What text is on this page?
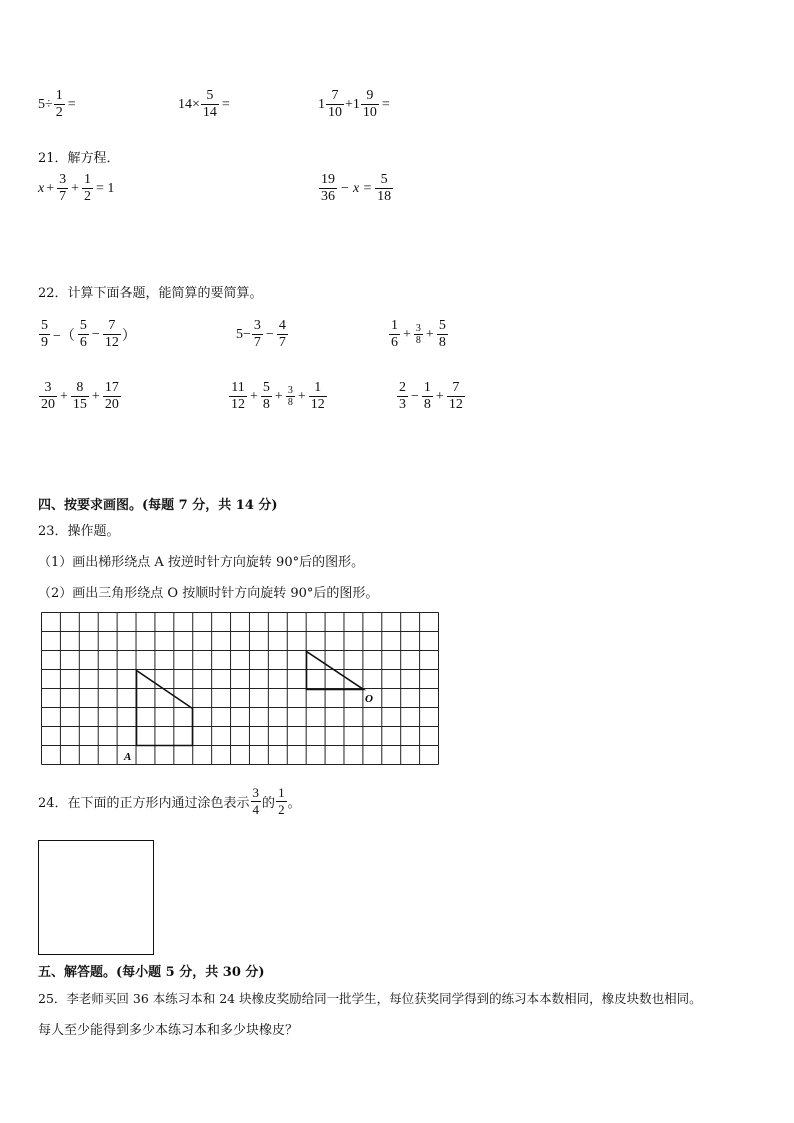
$5\div \frac{1}{2}$ =	$14\times \frac{5}{14}$ =	$1 \frac{7}{10} +1 \frac{9}{10}$ =
21．解方程．
$x + \frac{3}{7} + \frac{1}{2} = 1$	$\frac{19}{36} - x = \frac{5}{18}$
22．计算下面各题，能简算的要简算。
$\frac{5}{9}$ −（ $\frac{5}{6} - \frac{7}{12}$ ）	$5- \frac{3}{7} - \frac{4}{7}$	$\frac{1}{6} + \frac{3}{8} + \frac{5}{8}$
$\frac{3}{20} + \frac{8}{15} + \frac{17}{20}$	$\frac{11}{12} + \frac{5}{8} + \frac{3}{8} + \frac{1}{12}$	$\frac{2}{3} - \frac{1}{8} + \frac{7}{12}$
四、按要求画图。(每题 7 分，共 14 分)
23．操作题。
（1）画出梯形绕点 A 按逆时针方向旋转 90°后的图形。
（2）画出三角形绕点 O 按顺时针方向旋转 90°后的图形。
A
O
24．在下面的正方形内通过涂色表示 $\frac{3}{4}$ 的 $\frac{1}{2}$ 。
五、解答题。(每小题 5 分，共 30 分)
25．李老师买回 36 本练习本和 24 块橡皮奖励给同一批学生，每位获奖同学得到的练习本本数相同，橡皮块数也相同。
每人至少能得到多少本练习本和多少块橡皮？
